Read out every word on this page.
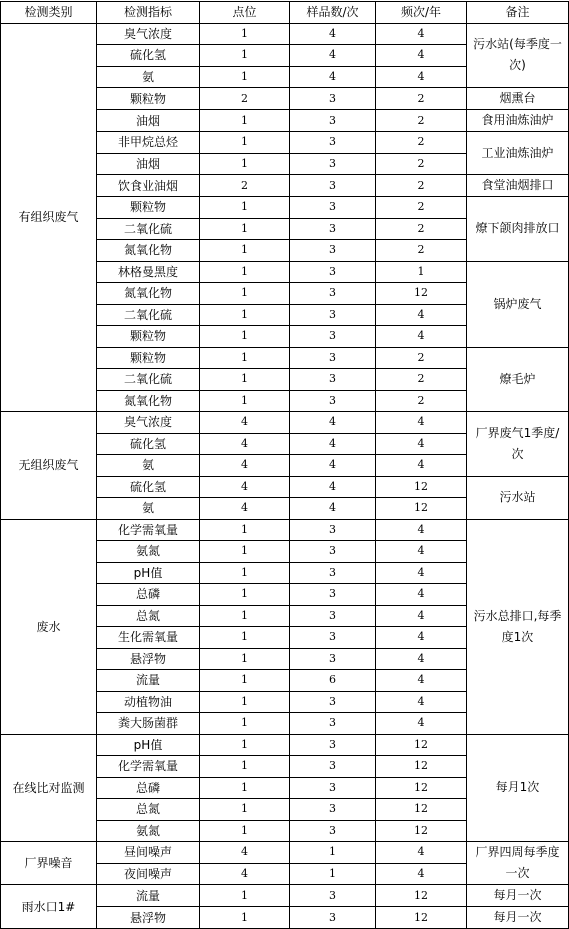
检测类别	检测指标	点位	样品数/次	频次/年	备注
有组织废气	臭气浓度	1	4	4	污水站(每季度一次)
	硫化氢	1	4	4	
	氨	1	4	4	
	颗粒物	2	3	2	烟熏台
	油烟	1	3	2	食用油炼油炉
	非甲烷总烃	1	3	2	工业油炼油炉
	油烟	1	3	2	
	饮食业油烟	2	3	2	食堂油烟排口
	颗粒物	1	3	2	燎下颌肉排放口
	二氧化硫	1	3	2	
	氮氧化物	1	3	2	
	林格曼黑度	1	3	1	锅炉废气
	氮氧化物	1	3	12	
	二氧化硫	1	3	4	
	颗粒物	1	3	4	
	颗粒物	1	3	2	燎毛炉
	二氧化硫	1	3	2	
	氮氧化物	1	3	2	
无组织废气	臭气浓度	4	4	4	厂界废气1季度/次
	硫化氢	4	4	4	
	氨	4	4	4	
	硫化氢	4	4	12	污水站
	氨	4	4	12	
废水	化学需氧量	1	3	4	污水总排口,每季度1次
	氨氮	1	3	4	
	pH值	1	3	4	
	总磷	1	3	4	
	总氮	1	3	4	
	生化需氧量	1	3	4	
	悬浮物	1	3	4	
	流量	1	6	4	
	动植物油	1	3	4	
	粪大肠菌群	1	3	4	
在线比对监测	pH值	1	3	12	每月1次
	化学需氧量	1	3	12	
	总磷	1	3	12	
	总氮	1	3	12	
	氨氮	1	3	12	
厂界噪音	昼间噪声	4	1	4	厂界四周每季度一次
	夜间噪声	4	1	4	
雨水口1#	流量	1	3	12	每月一次
	悬浮物	1	3	12	每月一次
